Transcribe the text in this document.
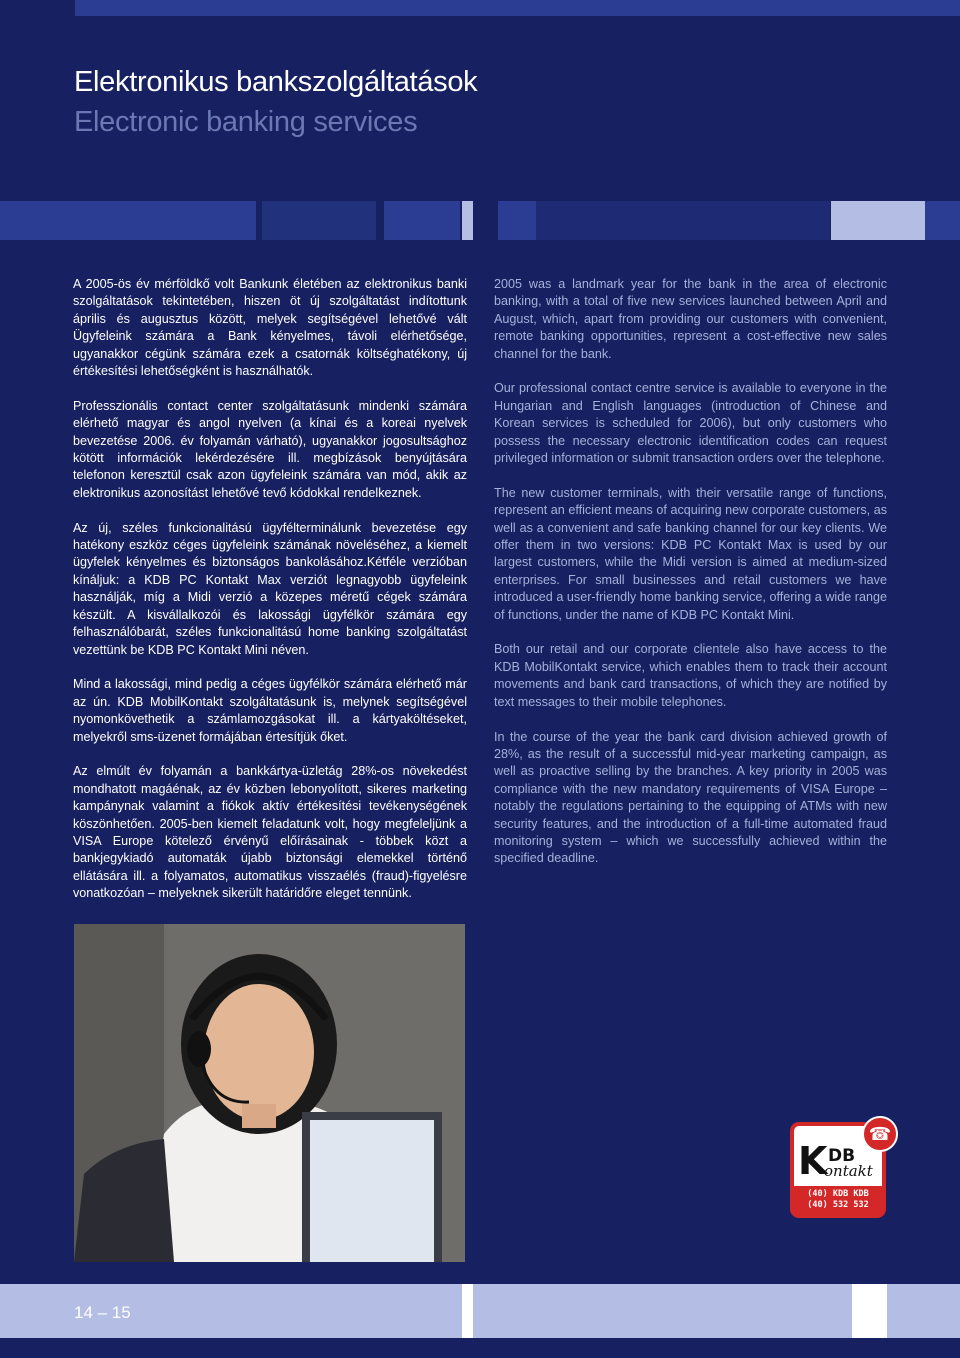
Elektronikus bankszolgáltatások
Electronic banking services

A 2005-ös év mérföldkő volt Bankunk életében az elektronikus banki szolgáltatások tekintetében, hiszen öt új szolgáltatást indítottunk április és augusztus között, melyek segítségével lehetővé vált Ügyfeleink számára a Bank kényelmes, távoli elérhetősége, ugyanakkor cégünk számára ezek a csatornák költséghatékony, új értékesítési lehetőségként is használhatók.

Professzionális contact center szolgáltatásunk mindenki számára elérhető magyar és angol nyelven (a kínai és a koreai nyelvek bevezetése 2006. év folyamán várható), ugyanakkor jogosultsághoz kötött információk lekérdezésére ill. megbízások benyújtására telefonon keresztül csak azon ügyfeleink számára van mód, akik az elektronikus azonosítást lehetővé tevő kódokkal rendelkeznek.

Az új, széles funkcionalitású ügyfélterminálunk bevezetése egy hatékony eszköz céges ügyfeleink számának növeléséhez, a kiemelt ügyfelek kényelmes és biztonságos bankolásához.Kétféle verzióban kínáljuk: a KDB PC Kontakt Max verziót legnagyobb ügyfeleink használják, míg a Midi verzió a közepes méretű cégek számára készült. A kisvállalkozói és lakossági ügyfélkör számára egy felhasználóbarát, széles funkcionalitású home banking szolgáltatást vezettünk be KDB PC Kontakt Mini néven.

Mind a lakossági, mind pedig a céges ügyfélkör számára elérhető már az ún. KDB MobilKontakt szolgáltatásunk is, melynek segítségével nyomonkövethetik a számlamozgásokat ill. a kártyaköltéseket, melyekről sms-üzenet formájában értesítjük őket.

Az elmúlt év folyamán a bankkártya-üzletág 28%-os növekedést mondhatott magáénak, az év közben lebonyolított, sikeres marketing kampánynak valamint a fiókok aktív értékesítési tevékenységének köszönhetően. 2005-ben kiemelt feladatunk volt, hogy megfeleljünk a VISA Europe kötelező érvényű előírásainak - többek közt a bankjegykiadó automaták újabb biztonsági elemekkel történő ellátására ill. a folyamatos, automatikus visszaélés (fraud)-figyelésre vonatkozóan – melyeknek sikerült határidőre eleget tennünk.

2005 was a landmark year for the bank in the area of electronic banking, with a total of five new services launched between April and August, which, apart from providing our customers with convenient, remote banking opportunities, represent a cost-effective new sales channel for the bank.

Our professional contact centre service is available to everyone in the Hungarian and English languages (introduction of Chinese and Korean services is scheduled for 2006), but only customers who possess the necessary electronic identification codes can request privileged information or submit transaction orders over the telephone.

The new customer terminals, with their versatile range of functions, represent an efficient means of acquiring new corporate customers, as well as a convenient and safe banking channel for our key clients. We offer them in two versions: KDB PC Kontakt Max is used by our largest customers, while the Midi version is aimed at medium-sized enterprises. For small businesses and retail customers we have introduced a user-friendly home banking service, offering a wide range of functions, under the name of KDB PC Kontakt Mini.

Both our retail and our corporate clientele also have access to the KDB MobilKontakt service, which enables them to track their account movements and bank card transactions, of which they are notified by text messages to their mobile telephones.

In the course of the year the bank card division achieved growth of 28%, as the result of a successful mid-year marketing campaign, as well as proactive selling by the branches. A key priority in 2005 was compliance with the new mandatory requirements of VISA Europe – notably the regulations pertaining to the equipping of ATMs with new security features, and the introduction of a full-time automated fraud monitoring system – which we successfully achieved within the specified deadline.

K DB
ontakt
(40) KDB KDB
(40) 532 532
☎
14 – 15
